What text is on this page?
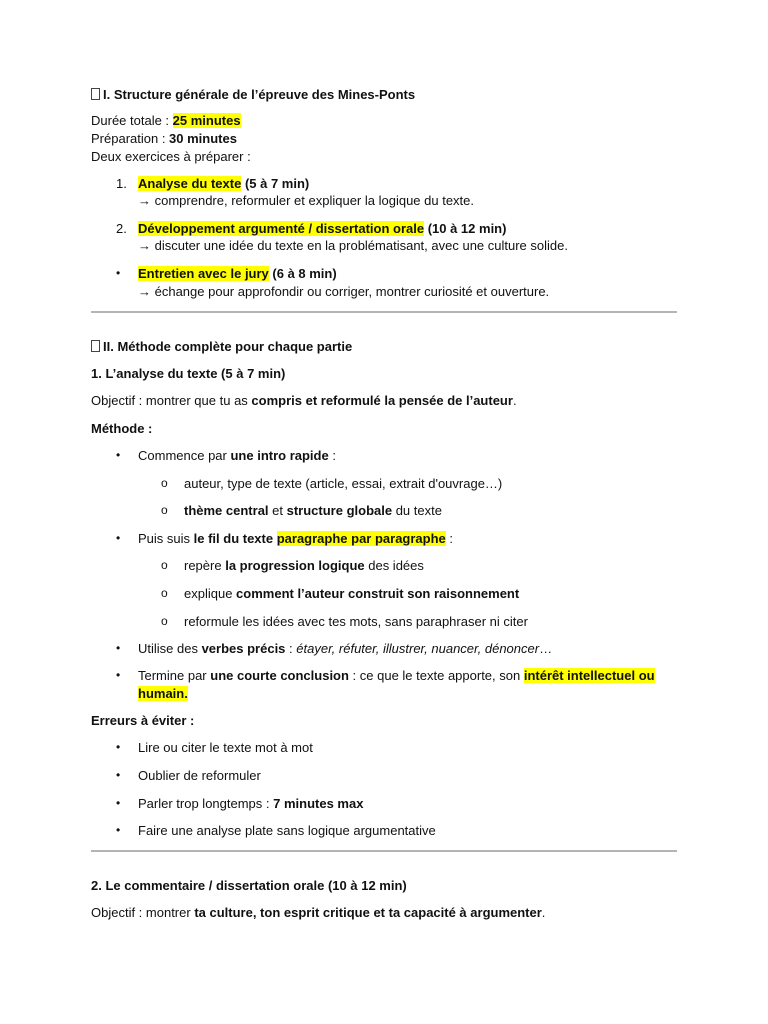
I. Structure générale de l’épreuve des Mines-Ponts
Durée totale : 25 minutes
Préparation : 30 minutes
Deux exercices à préparer :
1. Analyse du texte (5 à 7 min)
→ comprendre, reformuler et expliquer la logique du texte.
2. Développement argumenté / dissertation orale (10 à 12 min)
→ discuter une idée du texte en la problématisant, avec une culture solide.
• Entretien avec le jury (6 à 8 min)
→ échange pour approfondir ou corriger, montrer curiosité et ouverture.
II. Méthode complète pour chaque partie
1. L’analyse du texte (5 à 7 min)
Objectif : montrer que tu as compris et reformulé la pensée de l’auteur.
Méthode :
• Commence par une intro rapide :
o auteur, type de texte (article, essai, extrait d'ouvrage…)
o thème central et structure globale du texte
• Puis suis le fil du texte paragraphe par paragraphe :
o repère la progression logique des idées
o explique comment l’auteur construit son raisonnement
o reformule les idées avec tes mots, sans paraphraser ni citer
• Utilise des verbes précis : étayer, réfuter, illustrer, nuancer, dénoncer…
• Termine par une courte conclusion : ce que le texte apporte, son intérêt intellectuel ou
humain.
Erreurs à éviter :
• Lire ou citer le texte mot à mot
• Oublier de reformuler
• Parler trop longtemps : 7 minutes max
• Faire une analyse plate sans logique argumentative
2. Le commentaire / dissertation orale (10 à 12 min)
Objectif : montrer ta culture, ton esprit critique et ta capacité à argumenter.
